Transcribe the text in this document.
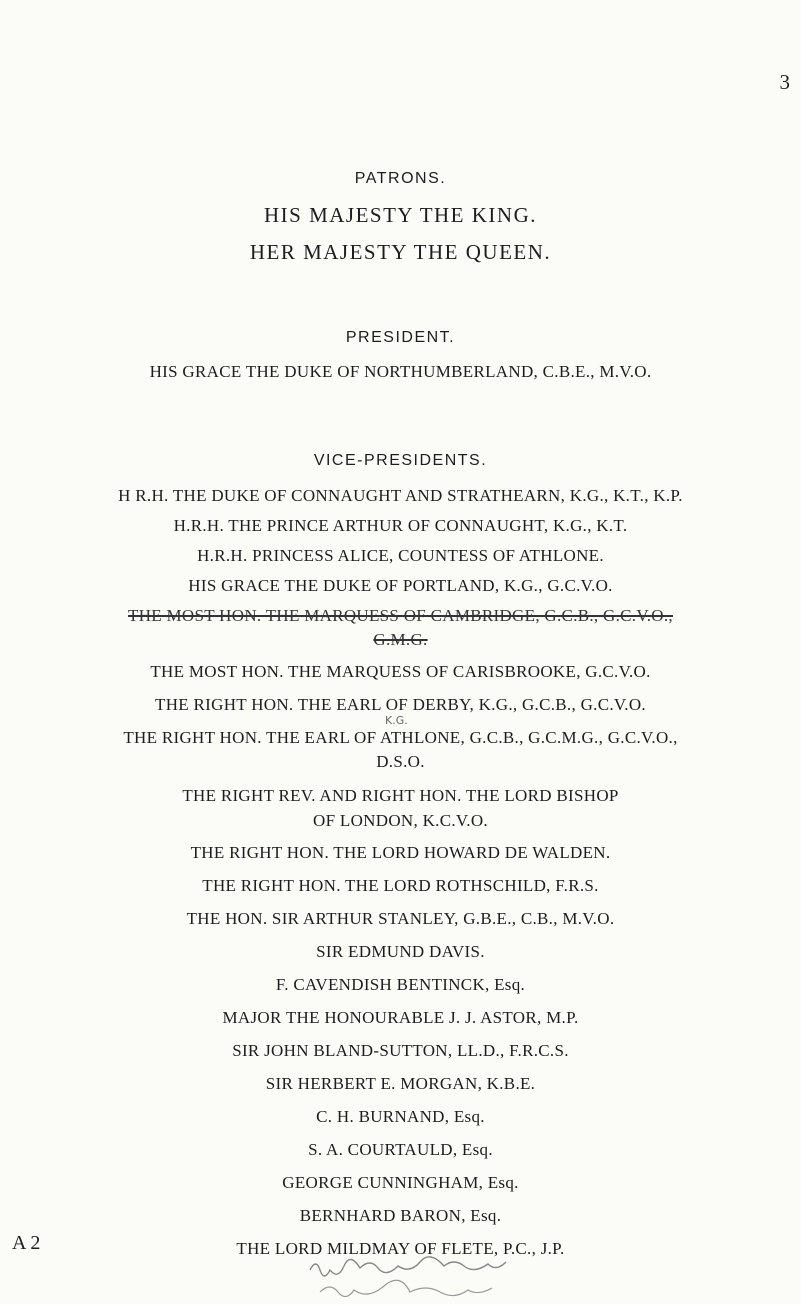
3
PATRONS.
HIS MAJESTY THE KING.
HER MAJESTY THE QUEEN.
PRESIDENT.
HIS GRACE THE DUKE OF NORTHUMBERLAND, C.B.E., M.V.O.
VICE-PRESIDENTS.
H R.H. THE DUKE OF CONNAUGHT AND STRATHEARN, K.G., K.T., K.P.
H.R.H. THE PRINCE ARTHUR OF CONNAUGHT, K.G., K.T.
H.R.H. PRINCESS ALICE, COUNTESS OF ATHLONE.
HIS GRACE THE DUKE OF PORTLAND, K.G., G.C.V.O.
THE MOST HON. THE MARQUESS OF CAMBRIDGE, G.C.B., G.C.V.O.,
G.M.G.
THE MOST HON. THE MARQUESS OF CARISBROOKE, G.C.V.O.
THE RIGHT HON. THE EARL OF DERBY, K.G., G.C.B., G.C.V.O.
K.G.
THE RIGHT HON. THE EARL OF ATHLONE, G.C.B., G.C.M.G., G.C.V.O.,
D.S.O.
THE RIGHT REV. AND RIGHT HON. THE LORD BISHOP
OF LONDON, K.C.V.O.
THE RIGHT HON. THE LORD HOWARD DE WALDEN.
THE RIGHT HON. THE LORD ROTHSCHILD, F.R.S.
THE HON. SIR ARTHUR STANLEY, G.B.E., C.B., M.V.O.
SIR EDMUND DAVIS.
F. CAVENDISH BENTINCK, Esq.
MAJOR THE HONOURABLE J. J. ASTOR, M.P.
SIR JOHN BLAND-SUTTON, LL.D., F.R.C.S.
SIR HERBERT E. MORGAN, K.B.E.
C. H. BURNAND, Esq.
S. A. COURTAULD, Esq.
GEORGE CUNNINGHAM, Esq.
BERNHARD BARON, Esq.
THE LORD MILDMAY OF FLETE, P.C., J.P.
A 2
